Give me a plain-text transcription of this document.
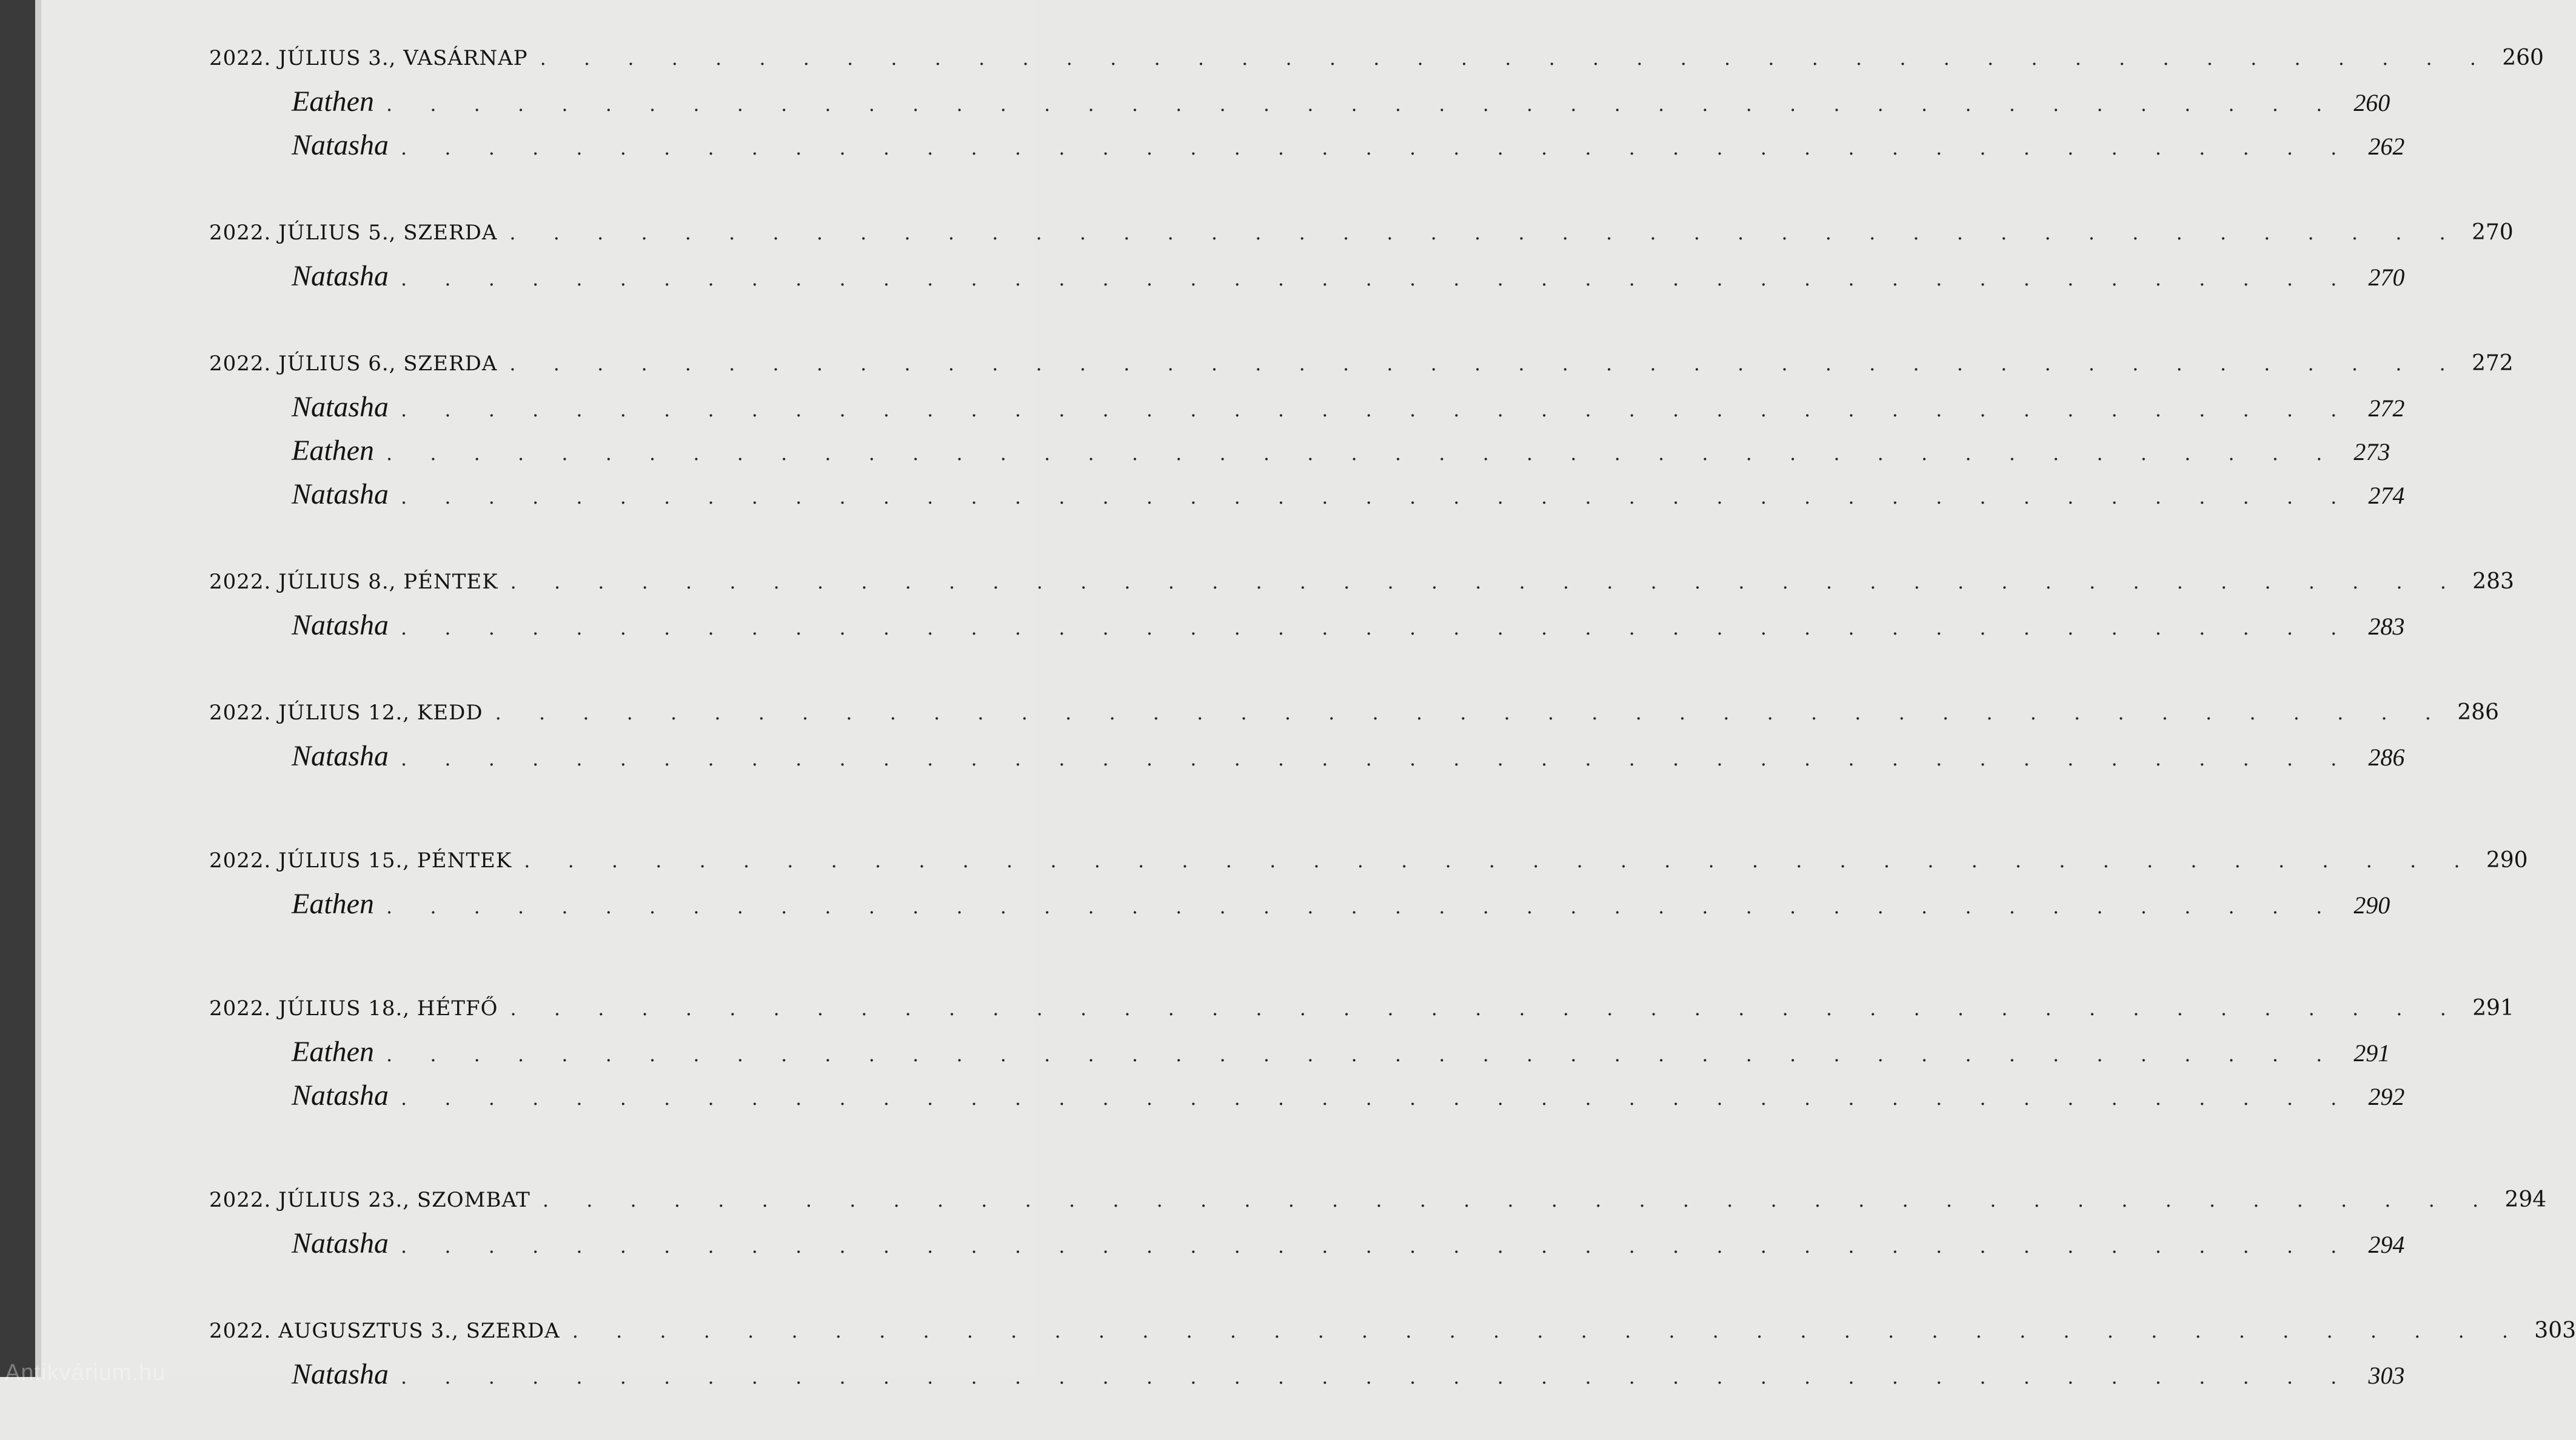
2022. JÚLIUS 3., VASÁRNAP . . . . . . . . . . . . . . . . . . . . . . . . . . . . . . . . . . . . . . . . . . . . . 260
Eathen . . . . . . . . . . . . . . . . . . . . . . . . . . . . . . . . . . . . . . . . . . . . . 260
Natasha . . . . . . . . . . . . . . . . . . . . . . . . . . . . . . . . . . . . . . . . . . . . . 262
2022. JÚLIUS 5., SZERDA . . . . . . . . . . . . . . . . . . . . . . . . . . . . . . . . . . . . . . . . . . . . . 270
Natasha . . . . . . . . . . . . . . . . . . . . . . . . . . . . . . . . . . . . . . . . . . . . . 270
2022. JÚLIUS 6., SZERDA . . . . . . . . . . . . . . . . . . . . . . . . . . . . . . . . . . . . . . . . . . . . . 272
Natasha . . . . . . . . . . . . . . . . . . . . . . . . . . . . . . . . . . . . . . . . . . . . . 272
Eathen . . . . . . . . . . . . . . . . . . . . . . . . . . . . . . . . . . . . . . . . . . . . . 273
Natasha . . . . . . . . . . . . . . . . . . . . . . . . . . . . . . . . . . . . . . . . . . . . . 274
2022. JÚLIUS 8., PÉNTEK . . . . . . . . . . . . . . . . . . . . . . . . . . . . . . . . . . . . . . . . . . . . . 283
Natasha . . . . . . . . . . . . . . . . . . . . . . . . . . . . . . . . . . . . . . . . . . . . . 283
2022. JÚLIUS 12., KEDD . . . . . . . . . . . . . . . . . . . . . . . . . . . . . . . . . . . . . . . . . . . . . 286
Natasha . . . . . . . . . . . . . . . . . . . . . . . . . . . . . . . . . . . . . . . . . . . . . 286
2022. JÚLIUS 15., PÉNTEK . . . . . . . . . . . . . . . . . . . . . . . . . . . . . . . . . . . . . . . . . . . . . 290
Eathen . . . . . . . . . . . . . . . . . . . . . . . . . . . . . . . . . . . . . . . . . . . . . 290
2022. JÚLIUS 18., HÉTFŐ . . . . . . . . . . . . . . . . . . . . . . . . . . . . . . . . . . . . . . . . . . . . . 291
Eathen . . . . . . . . . . . . . . . . . . . . . . . . . . . . . . . . . . . . . . . . . . . . . 291
Natasha . . . . . . . . . . . . . . . . . . . . . . . . . . . . . . . . . . . . . . . . . . . . . 292
2022. JÚLIUS 23., SZOMBAT . . . . . . . . . . . . . . . . . . . . . . . . . . . . . . . . . . . . . . . . . . . . . 294
Natasha . . . . . . . . . . . . . . . . . . . . . . . . . . . . . . . . . . . . . . . . . . . . . 294
2022. AUGUSZTUS 3., SZERDA . . . . . . . . . . . . . . . . . . . . . . . . . . . . . . . . . . . . . . . . . . . . . 303
Natasha . . . . . . . . . . . . . . . . . . . . . . . . . . . . . . . . . . . . . . . . . . . . . 303
Antikvárium.hu
